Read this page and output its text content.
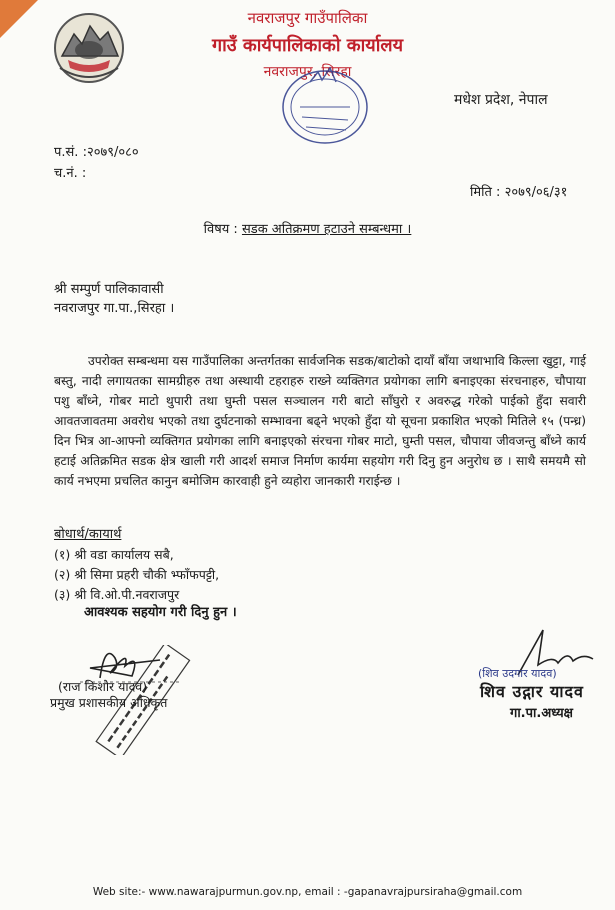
नवराजपुर गाउँपालिका
गाउँ कार्यपालिकाको कार्यालय
नवराजपुर, सिरहा
मधेश प्रदेश, नेपाल
प.सं. :२०७९/०८०
च.नं. :
मिति : २०७९/०६/३१
विषय : सडक अतिक्रमण हटाउने सम्बन्धमा ।
श्री सम्पुर्ण पालिकावासी
नवराजपुर गा.पा.,सिरहा ।

उपरोक्त सम्बन्धमा यस गाउँपालिका अन्तर्गतका सार्वजनिक सडक/बाटोको दायाँ बाँया जथाभावि किल्ला खुट्टा, गाई बस्तु, नादी लगायतका सामग्रीहरु तथा अस्थायी टहराहरु राख्ने व्यक्तिगत प्रयोगका लागि बनाइएका संरचनाहरु, चौपाया पशु बाँध्ने, गोबर माटो थुपारी तथा घुम्ती पसल सञ्चालन गरी बाटो साँघुरो र अवरुद्ध गरेको पाईको हुँदा सवारी आवतजावतमा अवरोध भएको तथा दुर्घटनाको सम्भावना बढ्ने भएको हुँदा यो सूचना प्रकाशित भएको मितिले १५ (पन्ध्र) दिन भित्र आ-आफ्नो व्यक्तिगत प्रयोगका लागि बनाइएको संरचना गोबर माटो, घुम्ती पसल, चौपाया जीवजन्तु बाँध्ने कार्य हटाई अतिक्रमित सडक क्षेत्र खाली गरी आदर्श समाज निर्माण कार्यमा सहयोग गरी दिनु हुन अनुरोध छ । साथै समयमै सो कार्य नभएमा प्रचलित कानुन बमोजिम कारवाही हुने व्यहोरा जानकारी गराईन्छ ।

बोधार्थ/कायार्थ
(१) श्री वडा कार्यालय सबै,
(२) श्री सिमा प्रहरी चौकी भ्फाँफपट्टी,
(३) श्री वि.ओ.पी.नवराजपुर
आवश्यक सहयोग गरी दिनु हुन ।
(राज किशोर यादव)
प्रमुख प्रशासकीय अधिकृत
(शिव उदगार यादव)
शिव उद्गार यादव
गा.पा.अध्यक्ष
Web site:- www.nawarajpurmun.gov.np, email : -gapanavrajpursiraha@gmail.com
